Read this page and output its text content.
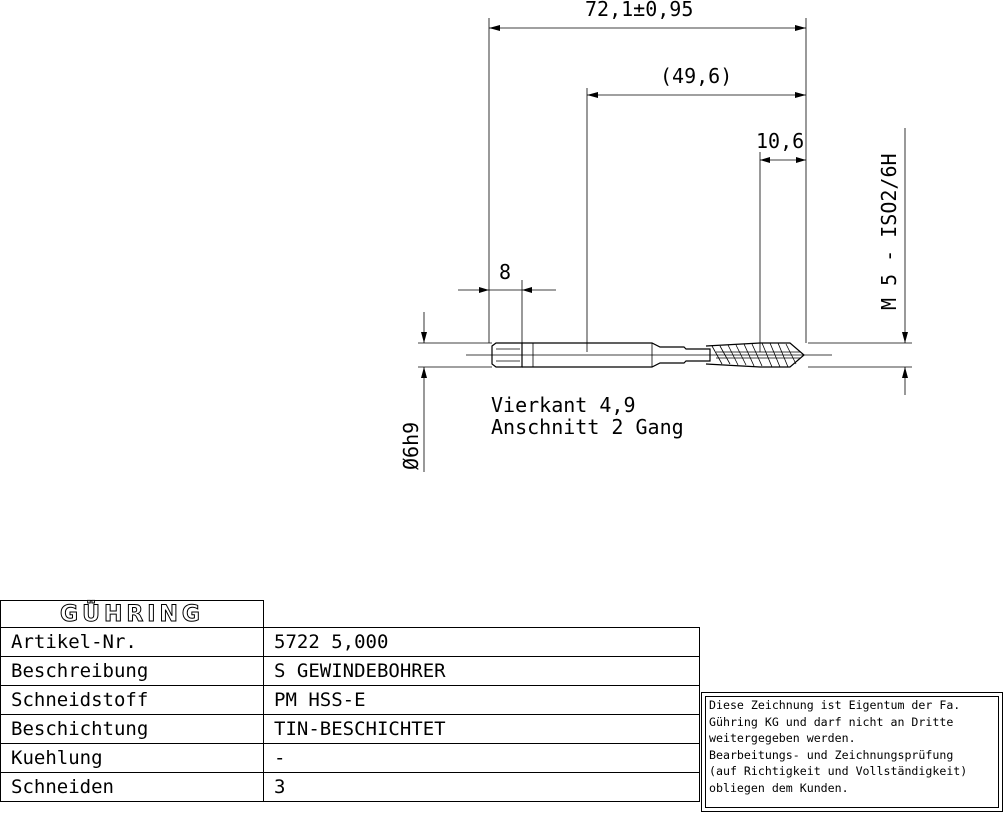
72,1±0,95
(49,6)
10,6
8	M 5 - ISO2/6H
Ø6h9
Vierkant 4,9
Anschnitt 2 Gang
GÜHRING	
Artikel-Nr.	5722 5,000
Beschreibung	S GEWINDEBOHRER
Schneidstoff	PM HSS-E
Beschichtung	TIN-BESCHICHTET
Kuehlung	-
Schneiden	3
Diese Zeichnung ist Eigentum der Fa.
Gühring KG und darf nicht an Dritte
weitergegeben werden.
Bearbeitungs- und Zeichnungsprüfung
(auf Richtigkeit und Vollständigkeit)
obliegen dem Kunden.
